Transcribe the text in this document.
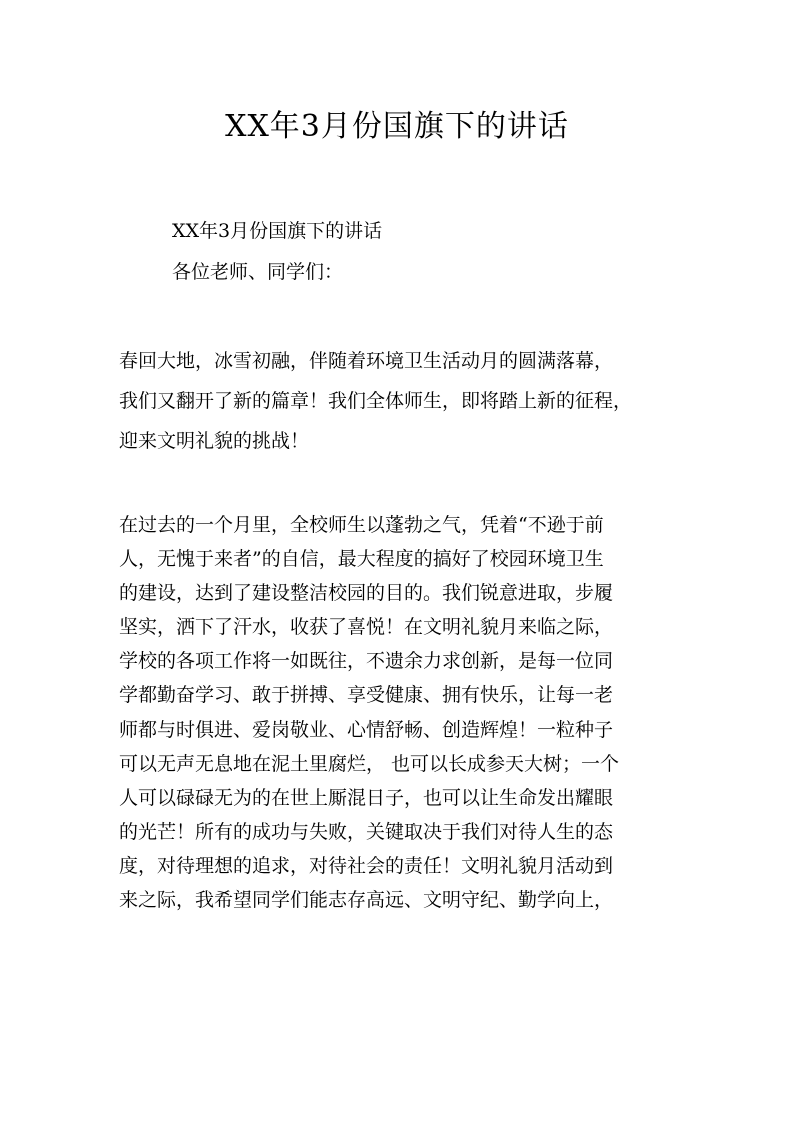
XX年3月份国旗下的讲话
XX年3月份国旗下的讲话
各位老师、同学们：
春回大地，冰雪初融，伴随着环境卫生活动月的圆满落幕，
我们又翻开了新的篇章！我们全体师生，即将踏上新的征程，
迎来文明礼貌的挑战！
在过去的一个月里，全校师生以蓬勃之气，凭着“不逊于前
人，无愧于来者”的自信，最大程度的搞好了校园环境卫生
的建设，达到了建设整洁校园的目的。我们锐意进取，步履
坚实，洒下了汗水，收获了喜悦！在文明礼貌月来临之际，
学校的各项工作将一如既往，不遗余力求创新，是每一位同
学都勤奋学习、敢于拼搏、享受健康、拥有快乐，让每一老
师都与时俱进、爱岗敬业、心情舒畅、创造辉煌！一粒种子
可以无声无息地在泥土里腐烂， 也可以长成参天大树；一个
人可以碌碌无为的在世上厮混日子，也可以让生命发出耀眼
的光芒！所有的成功与失败，关键取决于我们对待人生的态
度，对待理想的追求，对待社会的责任！文明礼貌月活动到
来之际，我希望同学们能志存高远、文明守纪、勤学向上，
